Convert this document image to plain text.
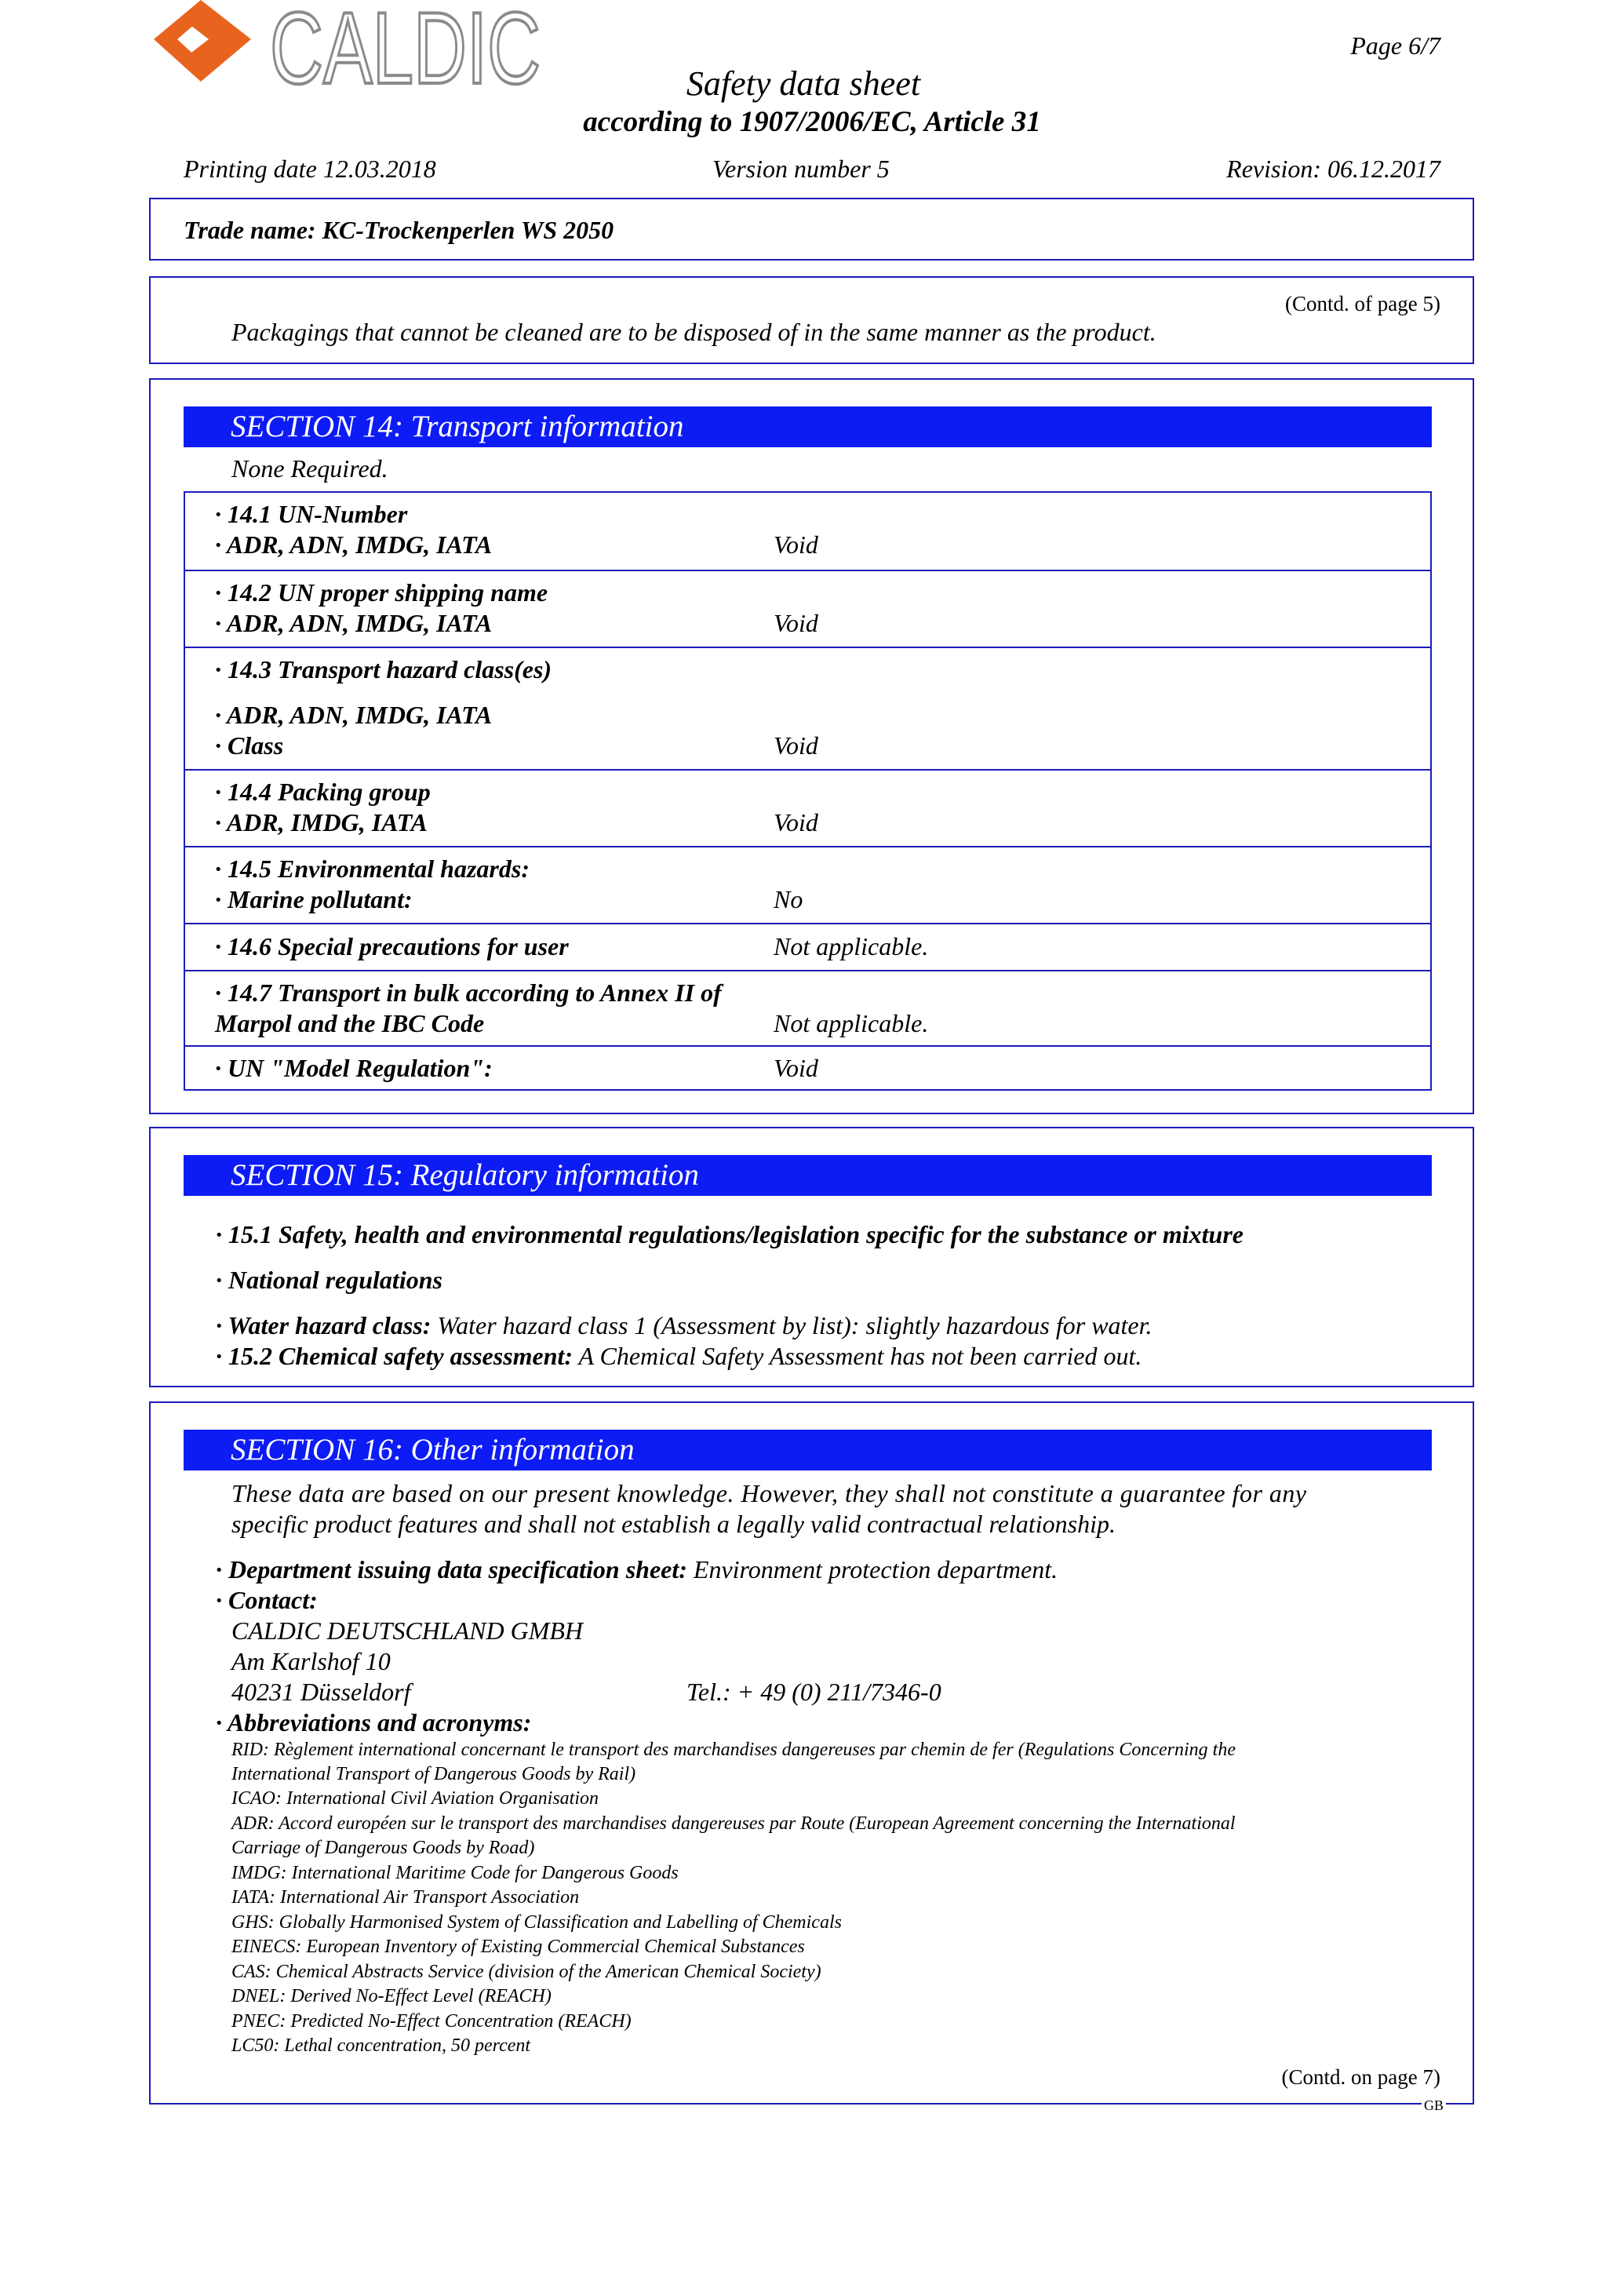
CALDIC	Page 6/7
Safety data sheet
according to 1907/2006/EC, Article 31
Printing date 12.03.2018	Version number 5	Revision: 06.12.2017
Trade name: KC-Trockenperlen WS 2050
(Contd. of page 5)
Packagings that cannot be cleaned are to be disposed of in the same manner as the product.
SECTION 14: Transport information
None Required.
· 14.1 UN-Number
· ADR, ADN, IMDG, IATA	Void
· 14.2 UN proper shipping name
· ADR, ADN, IMDG, IATA	Void
· 14.3 Transport hazard class(es)
· ADR, ADN, IMDG, IATA
· Class	Void
· 14.4 Packing group
· ADR, IMDG, IATA	Void
· 14.5 Environmental hazards:
· Marine pollutant:	No
· 14.6 Special precautions for user	Not applicable.
· 14.7 Transport in bulk according to Annex II of
Marpol and the IBC Code	Not applicable.
· UN "Model Regulation":	Void
SECTION 15: Regulatory information
· 15.1 Safety, health and environmental regulations/legislation specific for the substance or mixture
· National regulations
· Water hazard class: Water hazard class 1 (Assessment by list): slightly hazardous for water.
· 15.2 Chemical safety assessment: A Chemical Safety Assessment has not been carried out.
SECTION 16: Other information
These data are based on our present knowledge. However, they shall not constitute a guarantee for any
specific product features and shall not establish a legally valid contractual relationship.
· Department issuing data specification sheet: Environment protection department.
· Contact:
CALDIC DEUTSCHLAND GMBH
Am Karlshof 10
40231 Düsseldorf	Tel.: + 49 (0) 211/7346-0
· Abbreviations and acronyms:
RID: Règlement international concernant le transport des marchandises dangereuses par chemin de fer (Regulations Concerning the
International Transport of Dangerous Goods by Rail)
ICAO: International Civil Aviation Organisation
ADR: Accord européen sur le transport des marchandises dangereuses par Route (European Agreement concerning the International
Carriage of Dangerous Goods by Road)
IMDG: International Maritime Code for Dangerous Goods
IATA: International Air Transport Association
GHS: Globally Harmonised System of Classification and Labelling of Chemicals
EINECS: European Inventory of Existing Commercial Chemical Substances
CAS: Chemical Abstracts Service (division of the American Chemical Society)
DNEL: Derived No-Effect Level (REACH)
PNEC: Predicted No-Effect Concentration (REACH)
LC50: Lethal concentration, 50 percent
(Contd. on page 7)
GB
